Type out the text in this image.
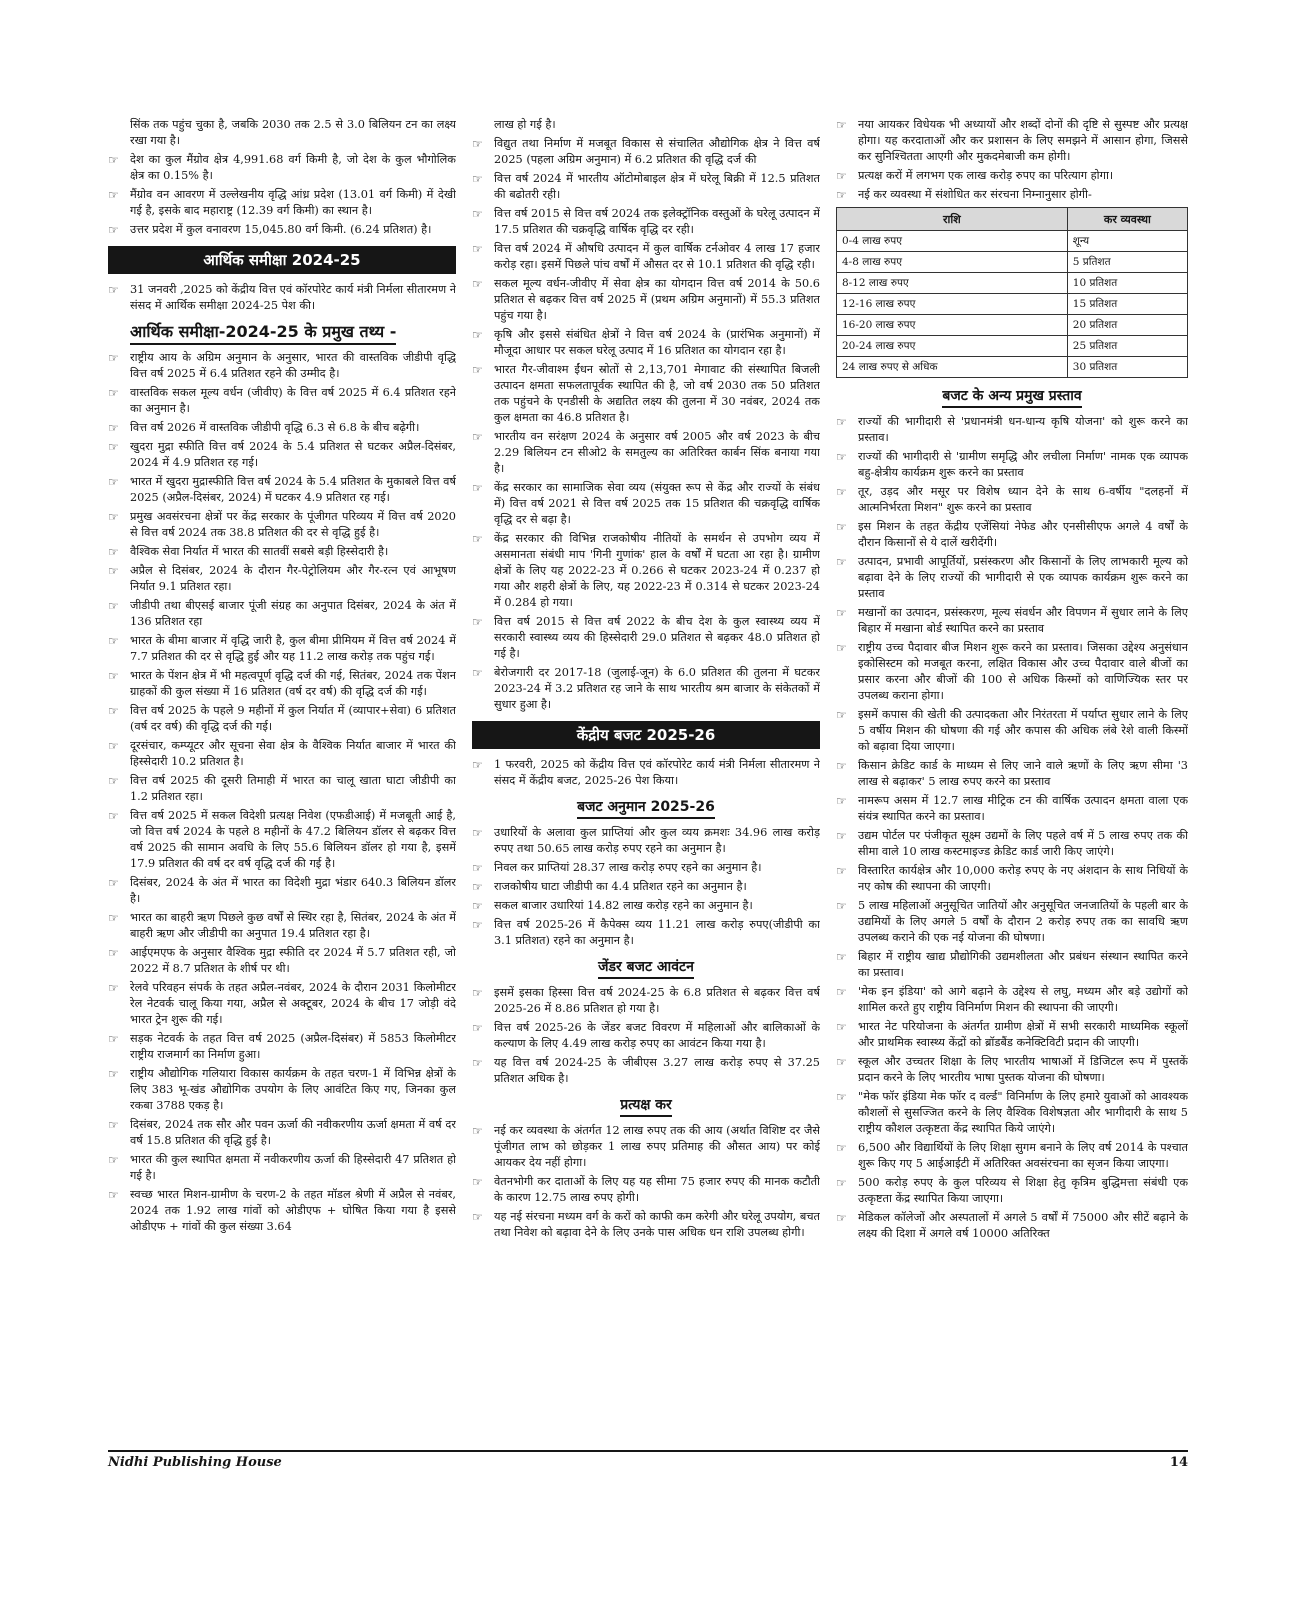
सिंक तक पहुंच चुका है, जबकि 2030 तक 2.5 से 3.0 बिलियन टन का लक्ष्य रखा गया है।
☞ देश का कुल मैंग्रोव क्षेत्र 4,991.68 वर्ग किमी है, जो देश के कुल भौगोलिक क्षेत्र का 0.15% है।
☞ मैंग्रोव वन आवरण में उल्लेखनीय वृद्धि आंध्र प्रदेश (13.01 वर्ग किमी) में देखी गई है, इसके बाद महाराष्ट्र (12.39 वर्ग किमी) का स्थान है।
☞ उत्तर प्रदेश में कुल वनावरण 15,045.80 वर्ग किमी. (6.24 प्रतिशत) है।
आर्थिक समीक्षा 2024-25
☞ 31 जनवरी ,2025 को केंद्रीय वित्त एवं कॉरपोरेट कार्य मंत्री निर्मला सीतारमण ने संसद में आर्थिक समीक्षा 2024-25 पेश की।
आर्थिक समीक्षा-2024-25 के प्रमुख तथ्य -
☞ राष्ट्रीय आय के अग्रिम अनुमान के अनुसार, भारत की वास्तविक जीडीपी वृद्धि वित्त वर्ष 2025 में 6.4 प्रतिशत रहने की उम्मीद है।
☞ वास्तविक सकल मूल्य वर्धन (जीवीए) के वित्त वर्ष 2025 में 6.4 प्रतिशत रहने का अनुमान है।
☞ वित्त वर्ष 2026 में वास्तविक जीडीपी वृद्धि 6.3 से 6.8 के बीच बढ़ेगी।
☞ खुदरा मुद्रा स्फीति वित्त वर्ष 2024 के 5.4 प्रतिशत से घटकर अप्रैल-दिसंबर, 2024 में 4.9 प्रतिशत रह गई।
☞ भारत में खुदरा मुद्रास्फीति वित्त वर्ष 2024 के 5.4 प्रतिशत के मुकाबले वित्त वर्ष 2025 (अप्रैल-दिसंबर, 2024) में घटकर 4.9 प्रतिशत रह गई।
☞ प्रमुख अवसंरचना क्षेत्रों पर केंद्र सरकार के पूंजीगत परिव्यय में वित्त वर्ष 2020 से वित्त वर्ष 2024 तक 38.8 प्रतिशत की दर से वृद्धि हुई है।
☞ वैश्विक सेवा निर्यात में भारत की सातवीं सबसे बड़ी हिस्सेदारी है।
☞ अप्रैल से दिसंबर, 2024 के दौरान गैर-पेट्रोलियम और गैर-रत्न एवं आभूषण निर्यात 9.1 प्रतिशत रहा।
☞ जीडीपी तथा बीएसई बाजार पूंजी संग्रह का अनुपात दिसंबर, 2024 के अंत में 136 प्रतिशत रहा
☞ भारत के बीमा बाजार में वृद्धि जारी है, कुल बीमा प्रीमियम में वित्त वर्ष 2024 में 7.7 प्रतिशत की दर से वृद्धि हुई और यह 11.2 लाख करोड़ तक पहुंच गई।
☞ भारत के पेंशन क्षेत्र में भी महत्वपूर्ण वृद्धि दर्ज की गई, सितंबर, 2024 तक पेंशन ग्राहकों की कुल संख्या में 16 प्रतिशत (वर्ष दर वर्ष) की वृद्धि दर्ज की गई।
☞ वित्त वर्ष 2025 के पहले 9 महीनों में कुल निर्यात में (व्यापार+सेवा) 6 प्रतिशत (वर्ष दर वर्ष) की वृद्धि दर्ज की गई।
☞ दूरसंचार, कम्प्यूटर और सूचना सेवा क्षेत्र के वैश्विक निर्यात बाजार में भारत की हिस्सेदारी 10.2 प्रतिशत है।
☞ वित्त वर्ष 2025 की दूसरी तिमाही में भारत का चालू खाता घाटा जीडीपी का 1.2 प्रतिशत रहा।
☞ वित्त वर्ष 2025 में सकल विदेशी प्रत्यक्ष निवेश (एफडीआई) में मजबूती आई है, जो वित्त वर्ष 2024 के पहले 8 महीनों के 47.2 बिलियन डॉलर से बढ़कर वित्त वर्ष 2025 की सामान अवधि के लिए 55.6 बिलियन डॉलर हो गया है, इसमें 17.9 प्रतिशत की वर्ष दर वर्ष वृद्धि दर्ज की गई है।
☞ दिसंबर, 2024 के अंत में भारत का विदेशी मुद्रा भंडार 640.3 बिलियन डॉलर है।
☞ भारत का बाहरी ऋण पिछले कुछ वर्षों से स्थिर रहा है, सितंबर, 2024 के अंत में बाहरी ऋण और जीडीपी का अनुपात 19.4 प्रतिशत रहा है।
☞ आईएमएफ के अनुसार वैश्विक मुद्रा स्फीति दर 2024 में 5.7 प्रतिशत रही, जो 2022 में 8.7 प्रतिशत के शीर्ष पर थी।
☞ रेलवे परिवहन संपर्क के तहत अप्रैल-नवंबर, 2024 के दौरान 2031 किलोमीटर रेल नेटवर्क चालू किया गया, अप्रैल से अक्टूबर, 2024 के बीच 17 जोड़ी वंदे भारत ट्रेन शुरू की गई।
☞ सड़क नेटवर्क के तहत वित्त वर्ष 2025 (अप्रैल-दिसंबर) में 5853 किलोमीटर राष्ट्रीय राजमार्ग का निर्माण हुआ।
☞ राष्ट्रीय औद्योगिक गलियारा विकास कार्यक्रम के तहत चरण-1 में विभिन्न क्षेत्रों के लिए 383 भू-खंड औद्योगिक उपयोग के लिए आवंटित किए गए, जिनका कुल रकबा 3788 एकड़ है।
☞ दिसंबर, 2024 तक सौर और पवन ऊर्जा की नवीकरणीय ऊर्जा क्षमता में वर्ष दर वर्ष 15.8 प्रतिशत की वृद्धि हुई है।
☞ भारत की कुल स्थापित क्षमता में नवीकरणीय ऊर्जा की हिस्सेदारी 47 प्रतिशत हो गई है।
☞ स्वच्छ भारत मिशन-ग्रामीण के चरण-2 के तहत मॉडल श्रेणी में अप्रैल से नवंबर, 2024 तक 1.92 लाख गांवों को ओडीएफ + घोषित किया गया है इससे ओडीएफ + गांवों की कुल संख्या 3.64
लाख हो गई है।
☞ विद्युत तथा निर्माण में मजबूत विकास से संचालित औद्योगिक क्षेत्र ने वित्त वर्ष 2025 (पहला अग्रिम अनुमान) में 6.2 प्रतिशत की वृद्धि दर्ज की
☞ वित्त वर्ष 2024 में भारतीय ऑटोमोबाइल क्षेत्र में घरेलू बिक्री में 12.5 प्रतिशत की बढोतरी रही।
☞ वित्त वर्ष 2015 से वित्त वर्ष 2024 तक इलेक्ट्रॉनिक वस्तुओं के घरेलू उत्पादन में 17.5 प्रतिशत की चक्रवृद्धि वार्षिक वृद्धि दर रही।
☞ वित्त वर्ष 2024 में औषधि उत्पादन में कुल वार्षिक टर्नओवर 4 लाख 17 हजार करोड़ रहा। इसमें पिछले पांच वर्षों में औसत दर से 10.1 प्रतिशत की वृद्धि रही।
☞ सकल मूल्य वर्धन-जीवीए में सेवा क्षेत्र का योगदान वित्त वर्ष 2014 के 50.6 प्रतिशत से बढ़कर वित्त वर्ष 2025 में (प्रथम अग्रिम अनुमानों) में 55.3 प्रतिशत पहुंच गया है।
☞ कृषि और इससे संबंधित क्षेत्रों ने वित्त वर्ष 2024 के (प्रारंभिक अनुमानों) में मौजूदा आधार पर सकल घरेलू उत्पाद में 16 प्रतिशत का योगदान रहा है।
☞ भारत गैर-जीवाश्म ईंधन स्रोतों से 2,13,701 मेगावाट की संस्थापित बिजली उत्पादन क्षमता सफलतापूर्वक स्थापित की है, जो वर्ष 2030 तक 50 प्रतिशत तक पहुंचने के एनडीसी के अद्यतित लक्ष्य की तुलना में 30 नवंबर, 2024 तक कुल क्षमता का 46.8 प्रतिशत है।
☞ भारतीय वन सरंक्षण 2024 के अनुसार वर्ष 2005 और वर्ष 2023 के बीच 2.29 बिलियन टन सीओ2 के समतुल्य का अतिरिक्त कार्बन सिंक बनाया गया है।
☞ केंद्र सरकार का सामाजिक सेवा व्यय (संयुक्त रूप से केंद्र और राज्यों के संबंध में) वित्त वर्ष 2021 से वित्त वर्ष 2025 तक 15 प्रतिशत की चक्रवृद्धि वार्षिक वृद्धि दर से बढ़ा है।
☞ केंद्र सरकार की विभिन्न राजकोषीय नीतियों के समर्थन से उपभोग व्यय में असमानता संबंधी माप 'गिनी गुणांक' हाल के वर्षों में घटता आ रहा है। ग्रामीण क्षेत्रों के लिए यह 2022-23 में 0.266 से घटकर 2023-24 में 0.237 हो गया और शहरी क्षेत्रों के लिए, यह 2022-23 में 0.314 से घटकर 2023-24 में 0.284 हो गया।
☞ वित्त वर्ष 2015 से वित्त वर्ष 2022 के बीच देश के कुल स्वास्थ्य व्यय में सरकारी स्वास्थ्य व्यय की हिस्सेदारी 29.0 प्रतिशत से बढ़कर 48.0 प्रतिशत हो गई है।
☞ बेरोजगारी दर 2017-18 (जुलाई-जून) के 6.0 प्रतिशत की तुलना में घटकर 2023-24 में 3.2 प्रतिशत रह जाने के साथ भारतीय श्रम बाजार के संकेतकों में सुधार हुआ है।
केंद्रीय बजट 2025-26
☞ 1 फरवरी, 2025 को केंद्रीय वित्त एवं कॉरपोरेट कार्य मंत्री निर्मला सीतारमण ने संसद में केंद्रीय बजट, 2025-26 पेश किया।
बजट अनुमान 2025-26
☞ उधारियों के अलावा कुल प्राप्तियां और कुल व्यय क्रमशः 34.96 लाख करोड़ रुपए तथा 50.65 लाख करोड़ रुपए रहने का अनुमान है।
☞ निवल कर प्राप्तियां 28.37 लाख करोड़ रुपए रहने का अनुमान है।
☞ राजकोषीय घाटा जीडीपी का 4.4 प्रतिशत रहने का अनुमान है।
☞ सकल बाजार उधारियां 14.82 लाख करोड़ रहने का अनुमान है।
☞ वित्त वर्ष 2025-26 में कैपेक्स व्यय 11.21 लाख करोड़ रुपए(जीडीपी का 3.1 प्रतिशत) रहने का अनुमान है।
जेंडर बजट आवंटन
☞ इसमें इसका हिस्सा वित्त वर्ष 2024-25 के 6.8 प्रतिशत से बढ़कर वित्त वर्ष 2025-26 में 8.86 प्रतिशत हो गया है।
☞ वित्त वर्ष 2025-26 के जेंडर बजट विवरण में महिलाओं और बालिकाओं के कल्याण के लिए 4.49 लाख करोड़ रुपए का आवंटन किया गया है।
☞ यह वित्त वर्ष 2024-25 के जीबीएस 3.27 लाख करोड़ रुपए से 37.25 प्रतिशत अधिक है।
प्रत्यक्ष कर
☞ नई कर व्यवस्था के अंतर्गत 12 लाख रुपए तक की आय (अर्थात विशिष्ट दर जैसे पूंजीगत लाभ को छोड़कर 1 लाख रुपए प्रतिमाह की औसत आय) पर कोई आयकर देय नहीं होगा।
☞ वेतनभोगी कर दाताओं के लिए यह यह सीमा 75 हजार रुपए की मानक कटौती के कारण 12.75 लाख रुपए होगी।
☞ यह नई संरचना मध्यम वर्ग के करों को काफी कम करेगी और घरेलू उपयोग, बचत तथा निवेश को बढ़ावा देने के लिए उनके पास अधिक धन राशि उपलब्ध होगी।
☞ नया आयकर विधेयक भी अध्यायों और शब्दों दोनों की दृष्टि से सुस्पष्ट और प्रत्यक्ष होगा। यह करदाताओं और कर प्रशासन के लिए समझने में आसान होगा, जिससे कर सुनिश्चितता आएगी और मुकदमेबाजी कम होगी।
☞ प्रत्यक्ष करों में लगभग एक लाख करोड़ रुपए का परित्याग होगा।
☞ नई कर व्यवस्था में संशोधित कर संरचना निम्नानुसार होगी-
राशि	कर व्यवस्था
0-4 लाख रुपए	शून्य
4-8 लाख रुपए	5 प्रतिशत
8-12 लाख रुपए	10 प्रतिशत
12-16 लाख रुपए	15 प्रतिशत
16-20 लाख रुपए	20 प्रतिशत
20-24 लाख रुपए	25 प्रतिशत
24 लाख रुपए से अधिक	30 प्रतिशत
बजट के अन्य प्रमुख प्रस्ताव
☞ राज्यों की भागीदारी से 'प्रधानमंत्री धन-धान्य कृषि योजना' को शुरू करने का प्रस्ताव।
☞ राज्यों की भागीदारी से 'ग्रामीण समृद्धि और लचीला निर्माण' नामक एक व्यापक बहु-क्षेत्रीय कार्यक्रम शुरू करने का प्रस्ताव
☞ तूर, उड़द और मसूर पर विशेष ध्यान देने के साथ 6-वर्षीय "दलहनों में आत्मनिर्भरता मिशन" शुरू करने का प्रस्ताव
☞ इस मिशन के तहत केंद्रीय एजेंसियां नेफेड और एनसीसीएफ अगले 4 वर्षों के दौरान किसानों से ये दालें खरीदेंगी।
☞ उत्पादन, प्रभावी आपूर्तियों, प्रसंस्करण और किसानों के लिए लाभकारी मूल्य को बढ़ावा देने के लिए राज्यों की भागीदारी से एक व्यापक कार्यक्रम शुरू करने का प्रस्ताव
☞ मखानों का उत्पादन, प्रसंस्करण, मूल्य संवर्धन और विपणन में सुधार लाने के लिए बिहार में मखाना बोर्ड स्थापित करने का प्रस्ताव
☞ राष्ट्रीय उच्च पैदावार बीज मिशन शुरू करने का प्रस्ताव। जिसका उद्देश्य अनुसंधान इकोसिस्टम को मजबूत करना, लक्षित विकास और उच्च पैदावार वाले बीजों का प्रसार करना और बीजों की 100 से अधिक किस्मों को वाणिज्यिक स्तर पर उपलब्ध कराना होगा।
☞ इसमें कपास की खेती की उत्पादकता और निरंतरता में पर्याप्त सुधार लाने के लिए 5 वर्षीय मिशन की घोषणा की गई और कपास की अधिक लंबे रेशे वाली किस्मों को बढ़ावा दिया जाएगा।
☞ किसान क्रेडिट कार्ड के माध्यम से लिए जाने वाले ऋणों के लिए ऋण सीमा '3 लाख से बढ़ाकर' 5 लाख रुपए करने का प्रस्ताव
☞ नामरूप असम में 12.7 लाख मीट्रिक टन की वार्षिक उत्पादन क्षमता वाला एक संयंत्र स्थापित करने का प्रस्ताव।
☞ उद्यम पोर्टल पर पंजीकृत सूक्ष्म उद्यमों के लिए पहले वर्ष में 5 लाख रुपए तक की सीमा वाले 10 लाख कस्टमाइज्ड क्रेडिट कार्ड जारी किए जाएंगे।
☞ विस्तारित कार्यक्षेत्र और 10,000 करोड़ रुपए के नए अंशदान के साथ निधियों के नए कोष की स्थापना की जाएगी।
☞ 5 लाख महिलाओं अनुसूचित जातियों और अनुसूचित जनजातियों के पहली बार के उद्यमियों के लिए अगले 5 वर्षों के दौरान 2 करोड़ रुपए तक का सावधि ऋण उपलब्ध कराने की एक नई योजना की घोषणा।
☞ बिहार में राष्ट्रीय खाद्य प्रौद्योगिकी उद्यमशीलता और प्रबंधन संस्थान स्थापित करने का प्रस्ताव।
☞ 'मेक इन इंडिया' को आगे बढ़ाने के उद्देश्य से लघु, मध्यम और बड़े उद्योगों को शामिल करते हुए राष्ट्रीय विनिर्माण मिशन की स्थापना की जाएगी।
☞ भारत नेट परियोजना के अंतर्गत ग्रामीण क्षेत्रों में सभी सरकारी माध्यमिक स्कूलों और प्राथमिक स्वास्थ्य केंद्रों को ब्रॉडबैंड कनेक्टिविटी प्रदान की जाएगी।
☞ स्कूल और उच्चतर शिक्षा के लिए भारतीय भाषाओं में डिजिटल रूप में पुस्तकें प्रदान करने के लिए भारतीय भाषा पुस्तक योजना की घोषणा।
☞ "मेक फॉर इंडिया मेक फॉर द वर्ल्ड" विनिर्माण के लिए हमारे युवाओं को आवश्यक कौशलों से सुसज्जित करने के लिए वैश्विक विशेषज्ञता और भागीदारी के साथ 5 राष्ट्रीय कौशल उत्कृष्टता केंद्र स्थापित किये जाएंगे।
☞ 6,500 और विद्यार्थियों के लिए शिक्षा सुगम बनाने के लिए वर्ष 2014 के पश्चात शुरू किए गए 5 आईआईटी में अतिरिक्त अवसंरचना का सृजन किया जाएगा।
☞ 500 करोड़ रुपए के कुल परिव्यय से शिक्षा हेतु कृत्रिम बुद्धिमत्ता संबंधी एक उत्कृष्टता केंद्र स्थापित किया जाएगा।
☞ मेडिकल कॉलेजों और अस्पतालों में अगले 5 वर्षों में 75000 और सीटें बढ़ाने के लक्ष्य की दिशा में अगले वर्ष 10000 अतिरिक्त
Nidhi Publishing House	14
